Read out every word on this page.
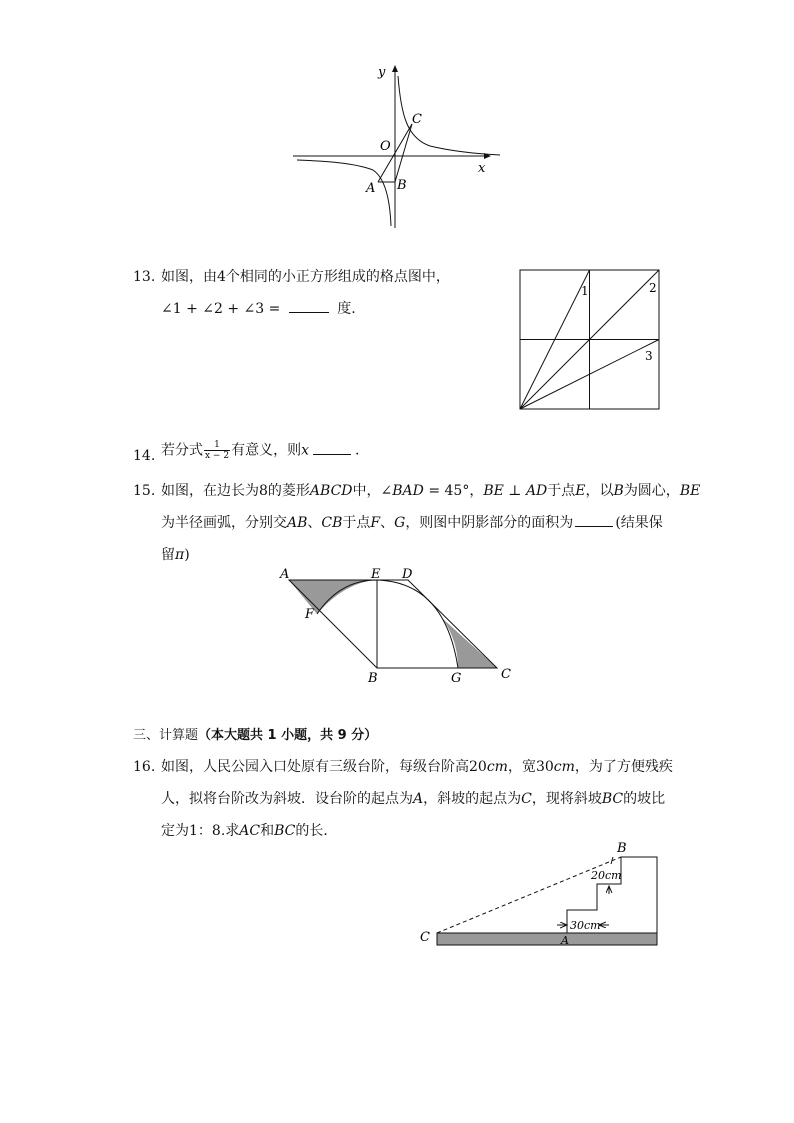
y
x
O
C
A B
13. 如图，由4个相同的小正方形组成的格点图中，
∠1 + ∠2 + ∠3 =	度.
1	2
3
14. 若分式 $\frac{1}{x - 2}$ 有意义，则x	.
15. 如图，在边长为8的菱形ABCD中，∠BAD = 45°，BE ⊥ AD于点E，以B为圆心，BE
为半径画弧，分别交AB、CB于点F、G，则图中阴影部分的面积为	(结果保
留π)
A	E D
F
B	G	C
三、计算题（本大题共 1 小题，共 9 分）
16. 如图，人民公园入口处原有三级台阶，每级台阶高20cm，宽30cm，为了方便残疾
人，拟将台阶改为斜坡．设台阶的起点为A，斜坡的起点为C，现将斜坡BC的坡比
定为1：8.求AC和BC的长．
B
C	A
20cm
30cm
